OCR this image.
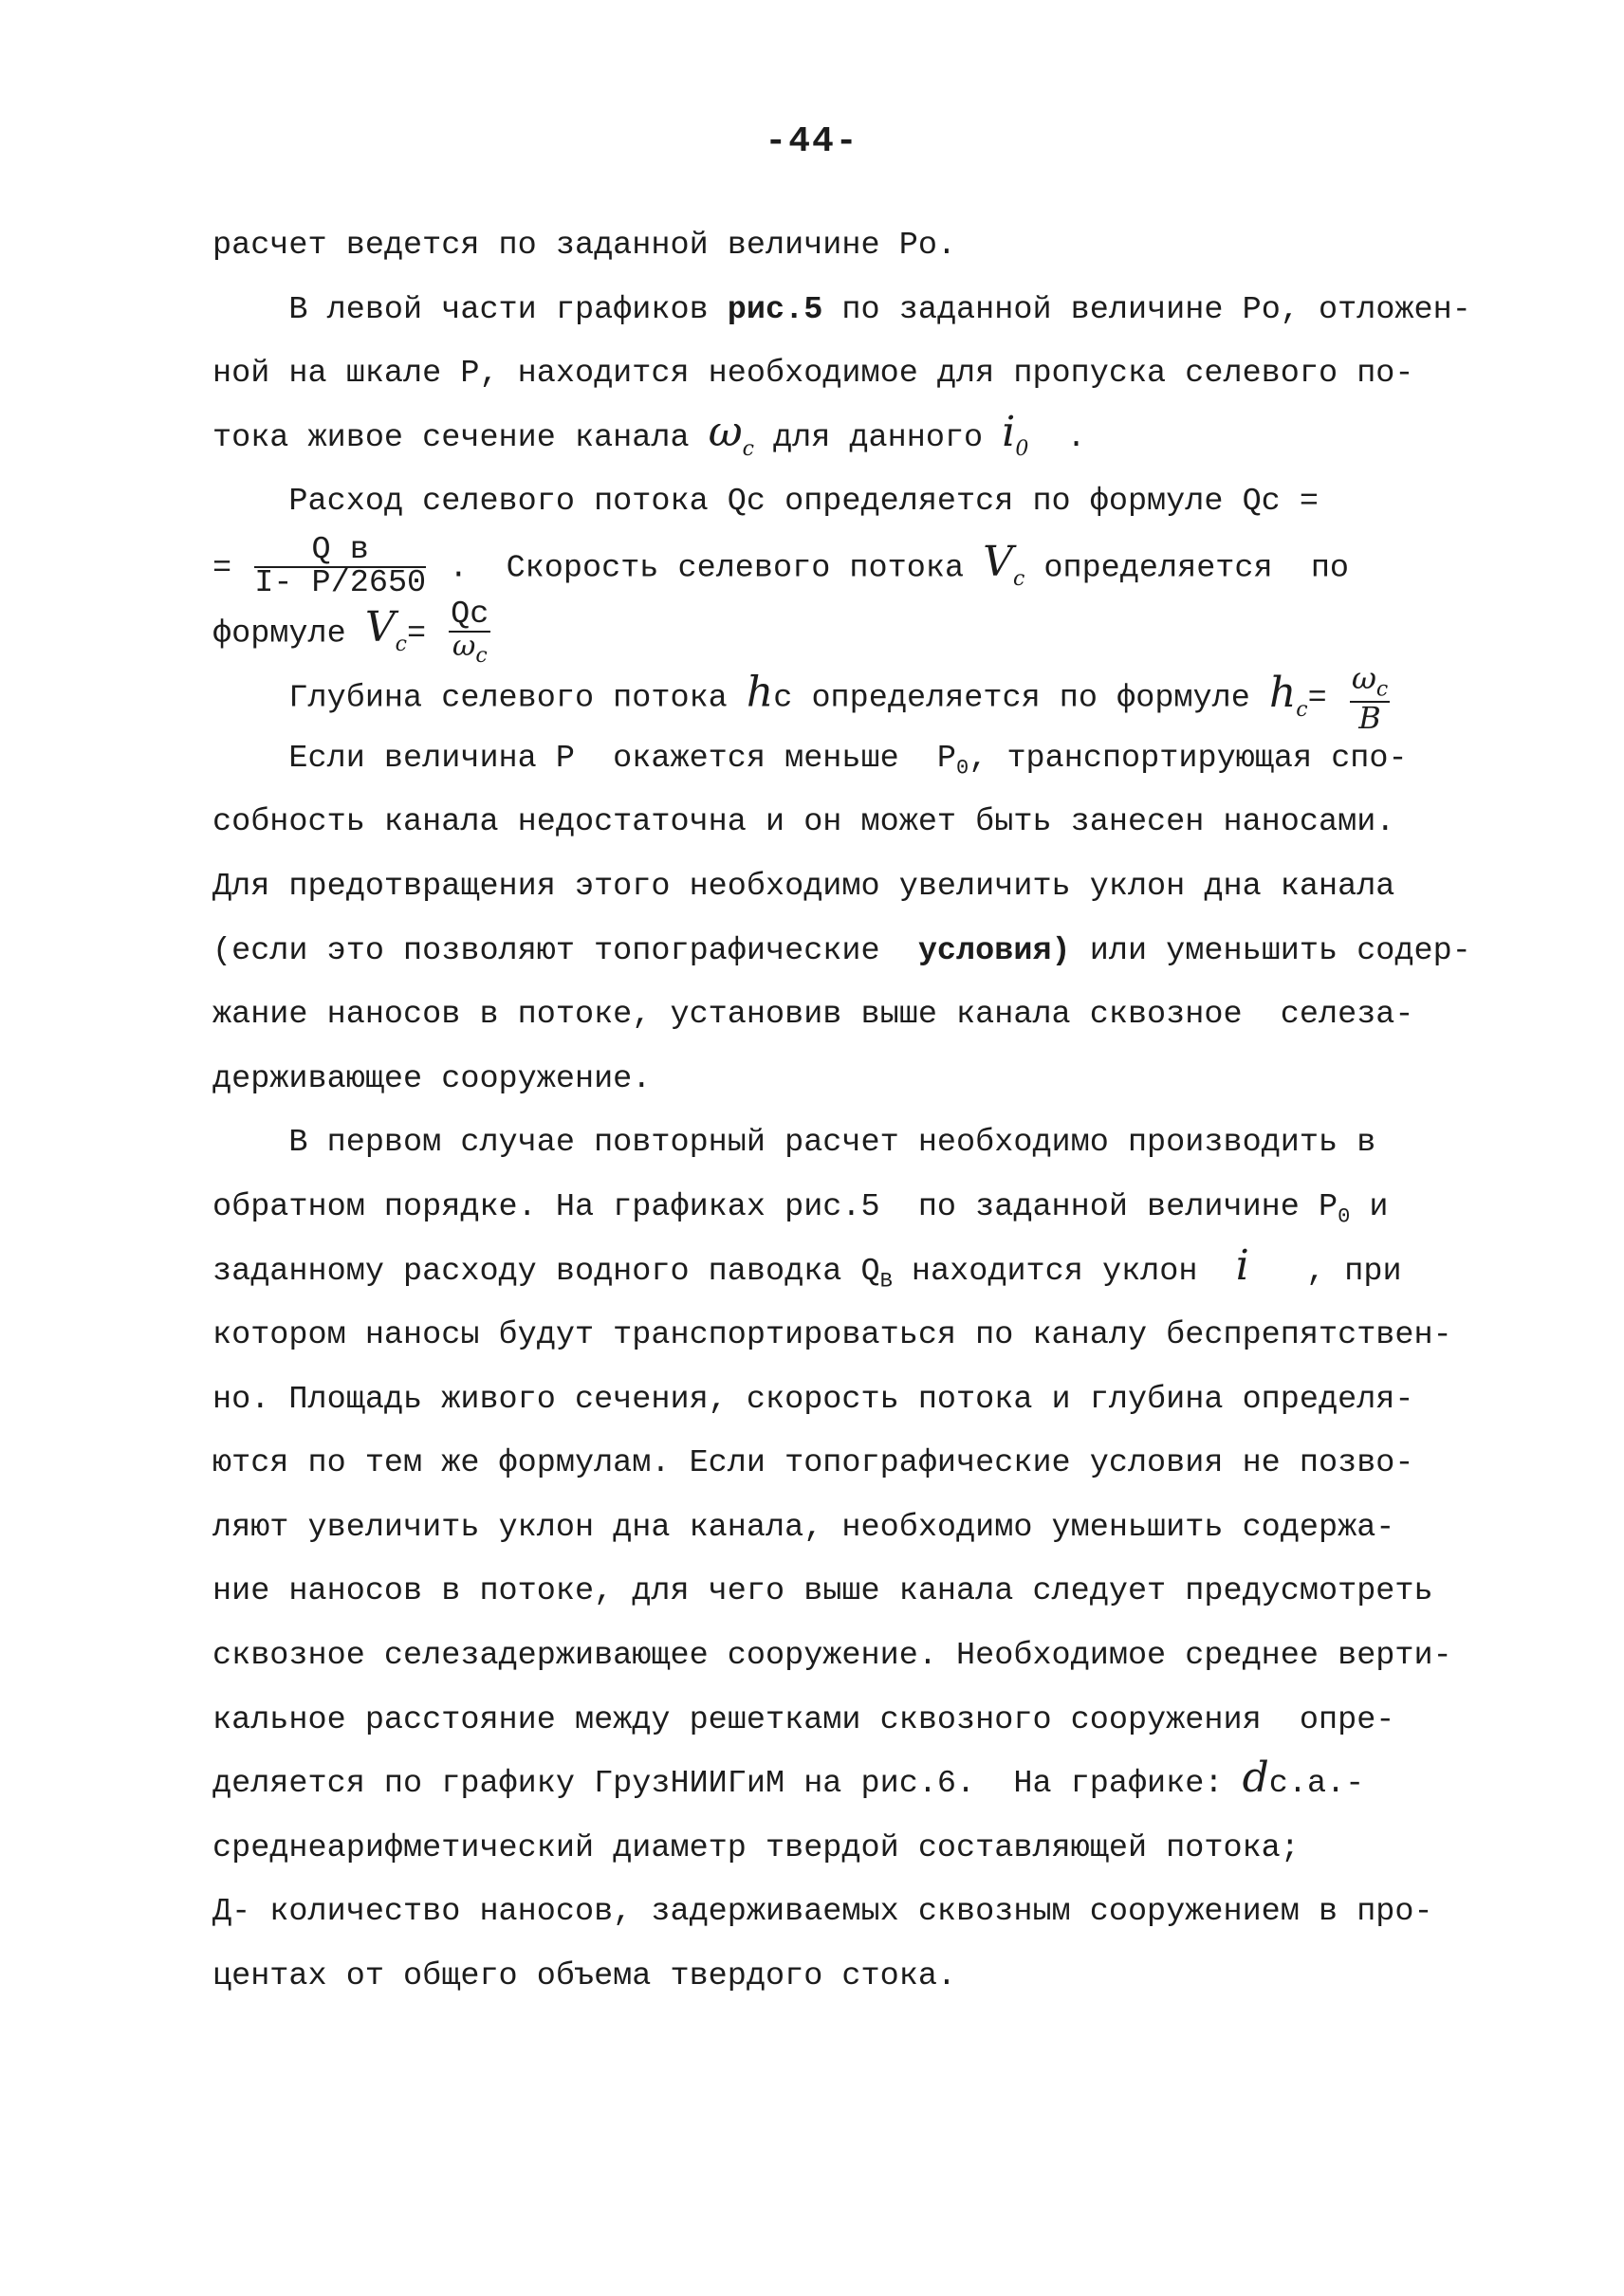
-44-
расчет ведется по заданной величине Ро.
В левой части графиков рис.5 по заданной величине Ро, отложен-
ной на шкале Р, находится необходимое для пропуска селевого по-
тока живое сечение канала $\omega_c$ для данного $i_0$  .
Расход селевого потока Qс определяется по формуле Qс =
= $\frac{\text{Q в}}{I- P/2650}$ .  Скорость селевого потока $V_c$ определяется  по
формуле $V_c= \frac{Qс}{\omega_c}$
Глубина селевого потока hс определяется по формуле $h_c= \frac{\omega_c}{B}$
Если величина Р  окажется меньше  $Р_0$, транспортирующая спо-
собность канала недостаточна и он может быть занесен наносами.
Для предотвращения этого необходимо увеличить уклон дна канала
(если это позволяют топографические  условия) или уменьшить содер-
жание наносов в потоке, установив выше канала сквозное  селеза-
держивающее сооружение.
В первом случае повторный расчет необходимо производить в
обратном порядке. На графиках рис.5  по заданной величине $Р_0$ и
заданному расходу водного паводка $Q_В$ находится уклон  i   , при
котором наносы будут транспортироваться по каналу беспрепятствен-
но. Площадь живого сечения, скорость потока и глубина определя-
ются по тем же формулам. Если топографические условия не позво-
ляют увеличить уклон дна канала, необходимо уменьшить содержа-
ние наносов в потоке, для чего выше канала следует предусмотреть
сквозное селезадерживающее сооружение. Необходимое среднее верти-
кальное расстояние между решетками сквозного сооружения  опре-
деляется по графику ГрузНИИГиМ на рис.6.  На графике: dс.а.-
среднеарифметический диаметр твердой составляющей потока;
Д- количество наносов, задерживаемых сквозным сооружением в про-
центах от общего объема твердого стока.
